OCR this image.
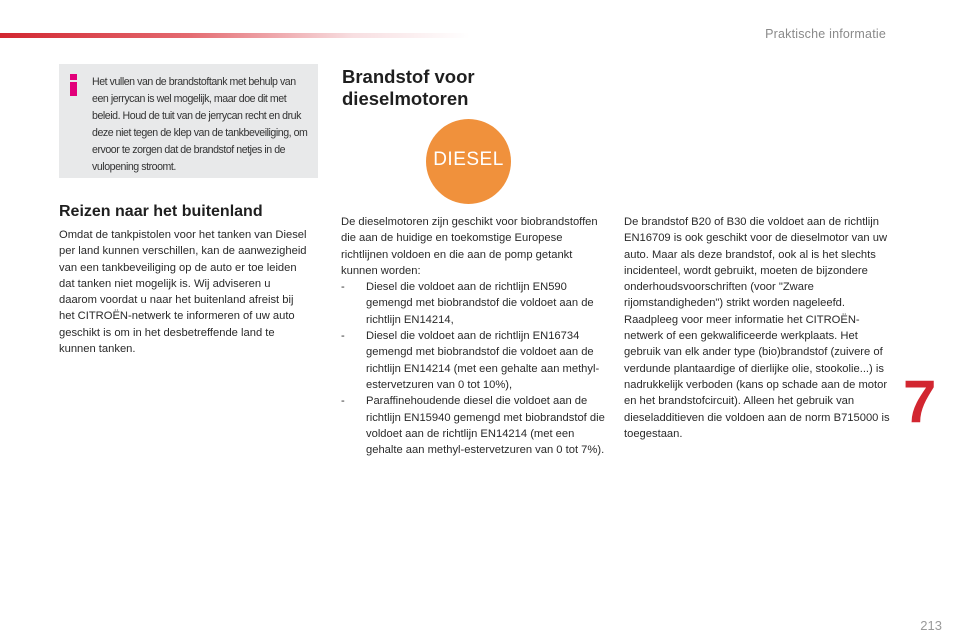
Praktische informatie

Het vullen van de brandstoftank met behulp van een jerrycan is wel mogelijk, maar doe dit met beleid. Houd de tuit van de jerrycan recht en druk deze niet tegen de klep van de tankbeveiliging, om ervoor te zorgen dat de brandstof netjes in de vulopening stroomt.

Reizen naar het buitenland

Omdat de tankpistolen voor het tanken van Diesel per land kunnen verschillen, kan de aanwezigheid van een tankbeveiliging op de auto er toe leiden dat tanken niet mogelijk is. Wij adviseren u daarom voordat u naar het buitenland afreist bij het CITROËN-netwerk te informeren of uw auto geschikt is om in het desbetreffende land te kunnen tanken.

Brandstof voor
dieselmotoren
DIESEL

De dieselmotoren zijn geschikt voor biobrandstoffen die aan de huidige en toekomstige Europese richtlijnen voldoen en die aan de pomp getankt kunnen worden:

- Diesel die voldoet aan de richtlijn EN590 gemengd met biobrandstof die voldoet aan de richtlijn EN14214,
- Diesel die voldoet aan de richtlijn EN16734 gemengd met biobrandstof die voldoet aan de richtlijn EN14214 (met een gehalte aan methyl-estervetzuren van 0 tot 10%),
- Paraffinehoudende diesel die voldoet aan de richtlijn EN15940 gemengd met biobrandstof die voldoet aan de richtlijn EN14214 (met een gehalte aan methyl-estervetzuren van 0 tot 7%).

De brandstof B20 of B30 die voldoet aan de richtlijn EN16709 is ook geschikt voor de dieselmotor van uw auto. Maar als deze brandstof, ook al is het slechts incidenteel, wordt gebruikt, moeten de bijzondere onderhoudsvoorschriften (voor "Zware rijomstandigheden") strikt worden nageleefd. Raadpleeg voor meer informatie het CITROËN-netwerk of een gekwalificeerde werkplaats. Het gebruik van elk ander type (bio)brandstof (zuivere of verdunde plantaardige of dierlijke olie, stookolie...) is nadrukkelijk verboden (kans op schade aan de motor en het brandstofcircuit). Alleen het gebruik van dieseladditieven die voldoen aan de norm B715000 is toegestaan.	7
213
